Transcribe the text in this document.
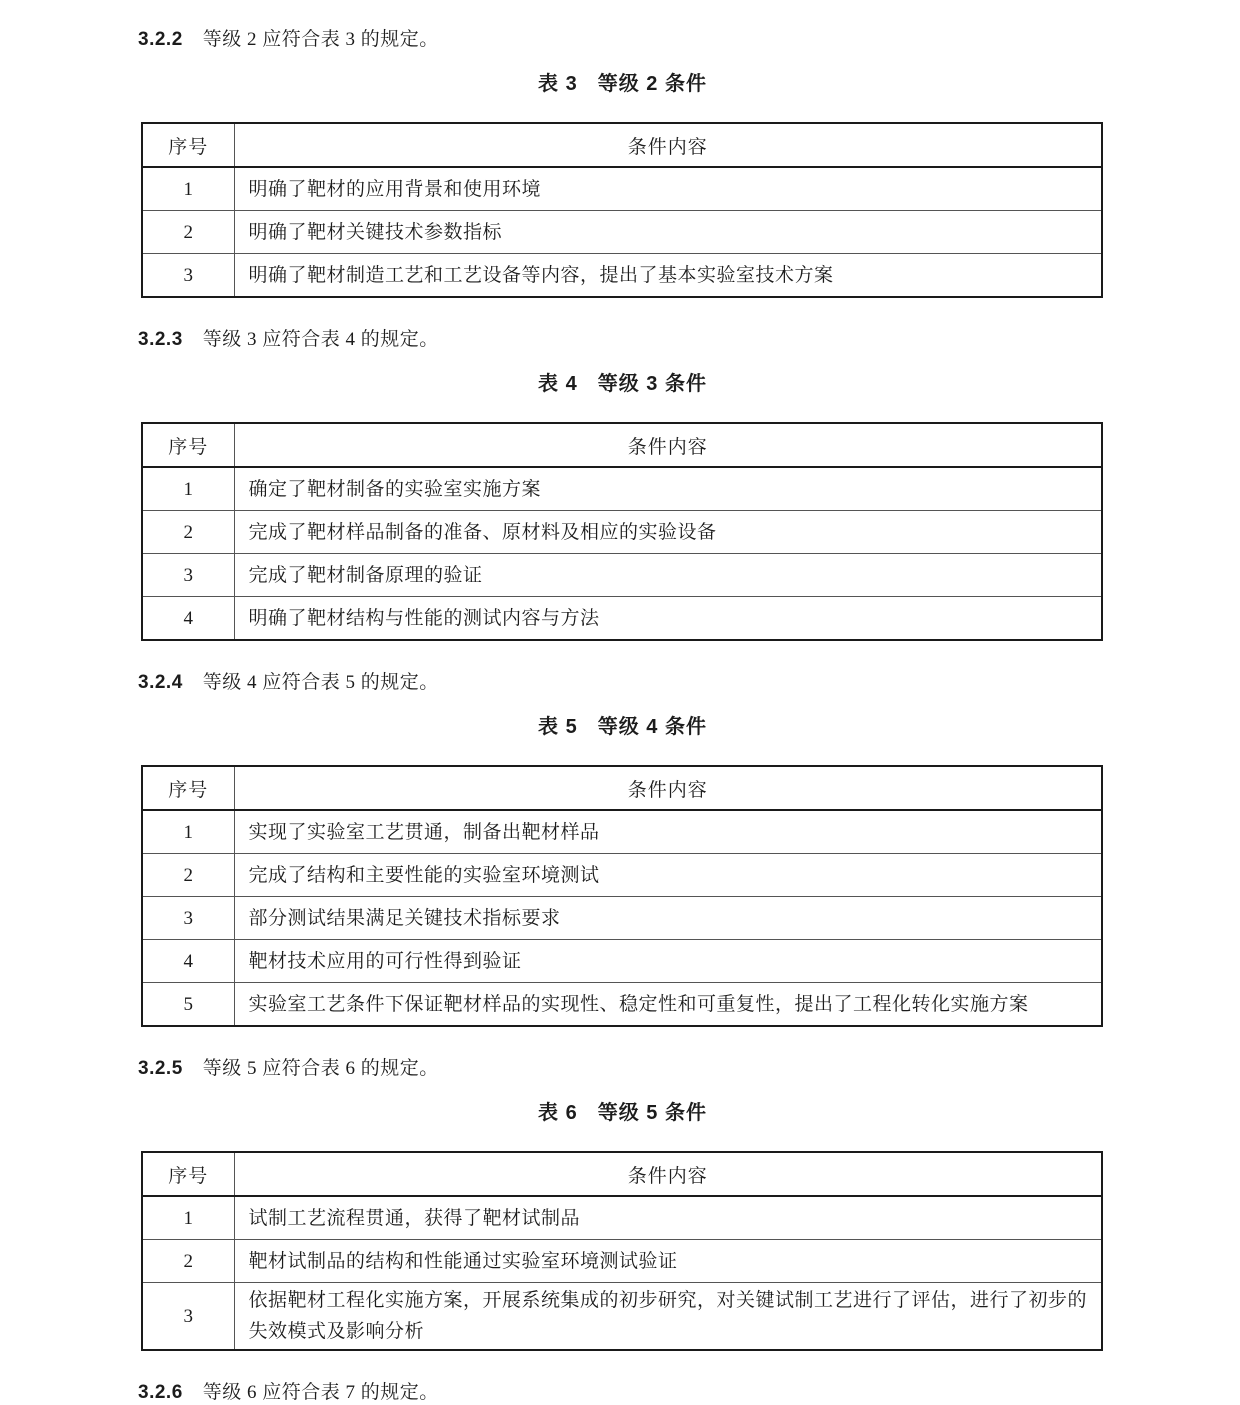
3.2.2 等级 2 应符合表 3 的规定。

表 3 等级 2 条件
序号	条件内容
1	明确了靶材的应用背景和使用环境
2	明确了靶材关键技术参数指标
3	明确了靶材制造工艺和工艺设备等内容，提出了基本实验室技术方案

3.2.3 等级 3 应符合表 4 的规定。

表 4 等级 3 条件
序号	条件内容
1	确定了靶材制备的实验室实施方案
2	完成了靶材样品制备的准备、原材料及相应的实验设备
3	完成了靶材制备原理的验证
4	明确了靶材结构与性能的测试内容与方法

3.2.4 等级 4 应符合表 5 的规定。

表 5 等级 4 条件
序号	条件内容
1	实现了实验室工艺贯通，制备出靶材样品
2	完成了结构和主要性能的实验室环境测试
3	部分测试结果满足关键技术指标要求
4	靶材技术应用的可行性得到验证
5	实验室工艺条件下保证靶材样品的实现性、稳定性和可重复性，提出了工程化转化实施方案

3.2.5 等级 5 应符合表 6 的规定。

表 6 等级 5 条件
序号	条件内容
1	试制工艺流程贯通，获得了靶材试制品
2	靶材试制品的结构和性能通过实验室环境测试验证
3	依据靶材工程化实施方案，开展系统集成的初步研究，对关键试制工艺进行了评估，进行了初步的失效模式及影响分析

3.2.6 等级 6 应符合表 7 的规定。
